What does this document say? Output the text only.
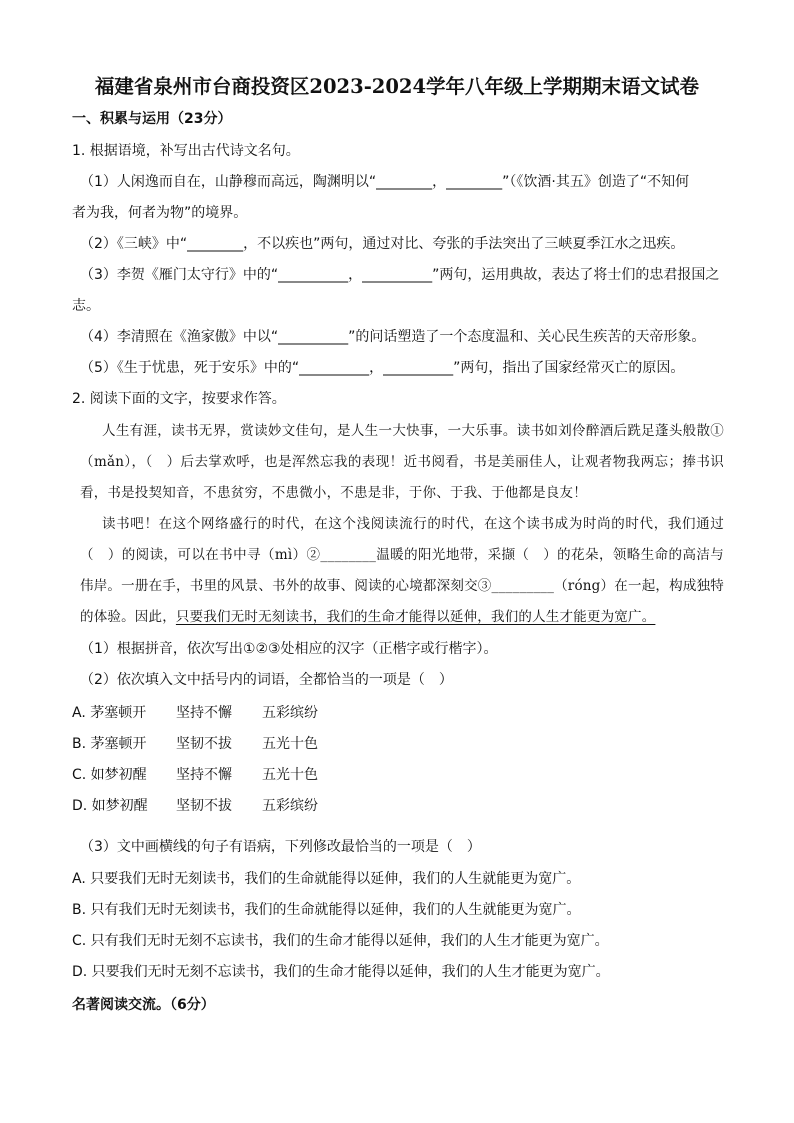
福建省泉州市台商投资区2023-2024学年八年级上学期期末语文试卷
一、积累与运用（23分）
1. 根据语境，补写出古代诗文名句。
（1）人闲逸而自在，山静穆而高远，陶渊明以“________，________”（《饮酒·其五》创造了“不知何
者为我，何者为物”的境界。
（2）《三峡》中“________，不以疾也”两句，通过对比、夸张的手法突出了三峡夏季江水之迅疾。
（3）李贺《雁门太守行》中的“__________，__________”两句，运用典故，表达了将士们的忠君报国之
志。
（4）李清照在《渔家傲》中以“__________”的问话塑造了一个态度温和、关心民生疾苦的天帝形象。
（5）《生于忧患，死于安乐》中的“__________，__________”两句，指出了国家经常灭亡的原因。
2. 阅读下面的文字，按要求作答。
人生有涯，读书无界，赏读妙文佳句，是人生一大快事，一大乐事。读书如刘伶醉酒后跣足蓬头般散①
（mǎn），（　）后去掌欢呼，也是浑然忘我的表现！近书阅看，书是美丽佳人，让观者物我两忘；捧书识
看，书是投契知音，不患贫穷，不患微小，不患是非，于你、于我、于他都是良友！
读书吧！在这个网络盛行的时代，在这个浅阅读流行的时代，在这个读书成为时尚的时代，我们通过
（　）的阅读，可以在书中寻（mì）②________温暖的阳光地带，采撷（　）的花朵，领略生命的高洁与
伟岸。一册在手，书里的风景、书外的故事、阅读的心境都深刻交③_________（róng）在一起，构成独特
的体验。因此，只要我们无时无刻读书，我们的生命才能得以延伸，我们的人生才能更为宽广。
（1）根据拼音，依次写出①②③处相应的汉字（正楷字或行楷字）。
（2）依次填入文中括号内的词语，全都恰当的一项是（　）
A. 茅塞顿开 坚持不懈 五彩缤纷
B. 茅塞顿开 坚韧不拔 五光十色
C. 如梦初醒 坚持不懈 五光十色
D. 如梦初醒 坚韧不拔 五彩缤纷
（3）文中画横线的句子有语病，下列修改最恰当的一项是（　）
A. 只要我们无时无刻读书，我们的生命就能得以延伸，我们的人生就能更为宽广。
B. 只有我们无时无刻读书，我们的生命就能得以延伸，我们的人生就能更为宽广。
C. 只有我们无时无刻不忘读书，我们的生命才能得以延伸，我们的人生才能更为宽广。
D. 只要我们无时无刻不忘读书，我们的生命才能得以延伸，我们的人生才能更为宽广。
名著阅读交流。（6分）
